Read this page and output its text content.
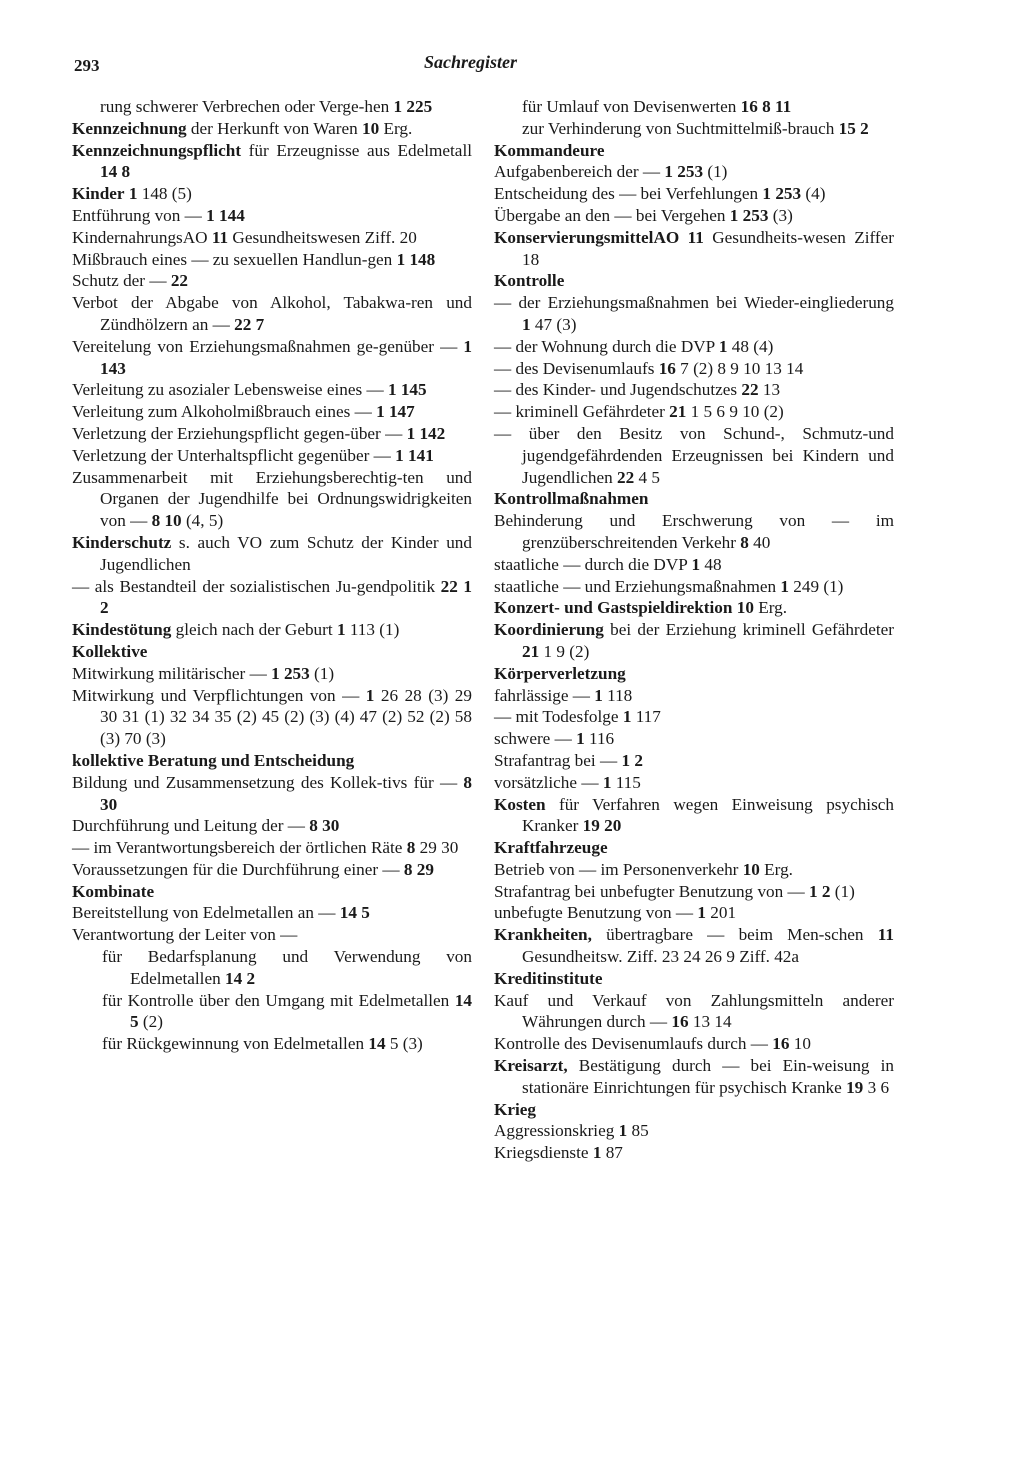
293	Sachregister

rung schwerer Verbrechen oder Verge-hen 1 225

Kennzeichnung der Herkunft von Waren 10 Erg.

Kennzeichnungspflicht für Erzeugnisse aus Edelmetall 14 8

Kinder 1 148 (5)

Entführung von — 1 144

KindernahrungsAO 11 Gesundheitswesen Ziff. 20

Mißbrauch eines — zu sexuellen Handlun-gen 1 148

Schutz der — 22

Verbot der Abgabe von Alkohol, Tabakwa-ren und Zündhölzern an — 22 7

Vereitelung von Erziehungsmaßnahmen ge-genüber — 1 143

Verleitung zu asozialer Lebensweise eines — 1 145

Verleitung zum Alkoholmißbrauch eines — 1 147

Verletzung der Erziehungspflicht gegen-über — 1 142

Verletzung der Unterhaltspflicht gegenüber — 1 141

Zusammenarbeit mit Erziehungsberechtig-ten und Organen der Jugendhilfe bei Ordnungswidrigkeiten von — 8 10 (4, 5)

Kinderschutz s. auch VO zum Schutz der Kinder und Jugendlichen

— als Bestandteil der sozialistischen Ju-gendpolitik 22 1 2

Kindestötung gleich nach der Geburt 1 113 (1)

Kollektive

Mitwirkung militärischer — 1 253 (1)

Mitwirkung und Verpflichtungen von — 1 26 28 (3) 29 30 31 (1) 32 34 35 (2) 45 (2) (3) (4) 47 (2) 52 (2) 58 (3) 70 (3)

kollektive Beratung und Entscheidung

Bildung und Zusammensetzung des Kollek-tivs für — 8 30

Durchführung und Leitung der — 8 30

— im Verantwortungsbereich der örtlichen Räte 8 29 30

Voraussetzungen für die Durchführung einer — 8 29

Kombinate

Bereitstellung von Edelmetallen an — 14 5

Verantwortung der Leiter von —

für Bedarfsplanung und Verwendung von Edelmetallen 14 2

für Kontrolle über den Umgang mit Edelmetallen 14 5 (2)

für Rückgewinnung von Edelmetallen 14 5 (3)

für Umlauf von Devisenwerten 16 8 11

zur Verhinderung von Suchtmittelmiß-brauch 15 2

Kommandeure

Aufgabenbereich der — 1 253 (1)

Entscheidung des — bei Verfehlungen 1 253 (4)

Übergabe an den — bei Vergehen 1 253 (3)

KonservierungsmittelAO 11 Gesundheits-wesen Ziffer 18

Kontrolle

— der Erziehungsmaßnahmen bei Wieder-eingliederung 1 47 (3)

— der Wohnung durch die DVP 1 48 (4)

— des Devisenumlaufs 16 7 (2) 8 9 10 13 14

— des Kinder- und Jugendschutzes 22 13

— kriminell Gefährdeter 21 1 5 6 9 10 (2)

— über den Besitz von Schund-, Schmutz-und jugendgefährdenden Erzeugnissen bei Kindern und Jugendlichen 22 4 5

Kontrollmaßnahmen

Behinderung und Erschwerung von — im grenzüberschreitenden Verkehr 8 40

staatliche — durch die DVP 1 48

staatliche — und Erziehungsmaßnahmen 1 249 (1)

Konzert- und Gastspieldirektion 10 Erg.

Koordinierung bei der Erziehung kriminell Gefährdeter 21 1 9 (2)

Körperverletzung

fahrlässige — 1 118

— mit Todesfolge 1 117

schwere — 1 116

Strafantrag bei — 1 2

vorsätzliche — 1 115

Kosten für Verfahren wegen Einweisung psychisch Kranker 19 20

Kraftfahrzeuge

Betrieb von — im Personenverkehr 10 Erg.

Strafantrag bei unbefugter Benutzung von — 1 2 (1)

unbefugte Benutzung von — 1 201

Krankheiten, übertragbare — beim Men-schen 11 Gesundheitsw. Ziff. 23 24 26 9 Ziff. 42a

Kreditinstitute

Kauf und Verkauf von Zahlungsmitteln anderer Währungen durch — 16 13 14

Kontrolle des Devisenumlaufs durch — 16 10

Kreisarzt, Bestätigung durch — bei Ein-weisung in stationäre Einrichtungen für psychisch Kranke 19 3 6

Krieg

Aggressionskrieg 1 85

Kriegsdienste 1 87
